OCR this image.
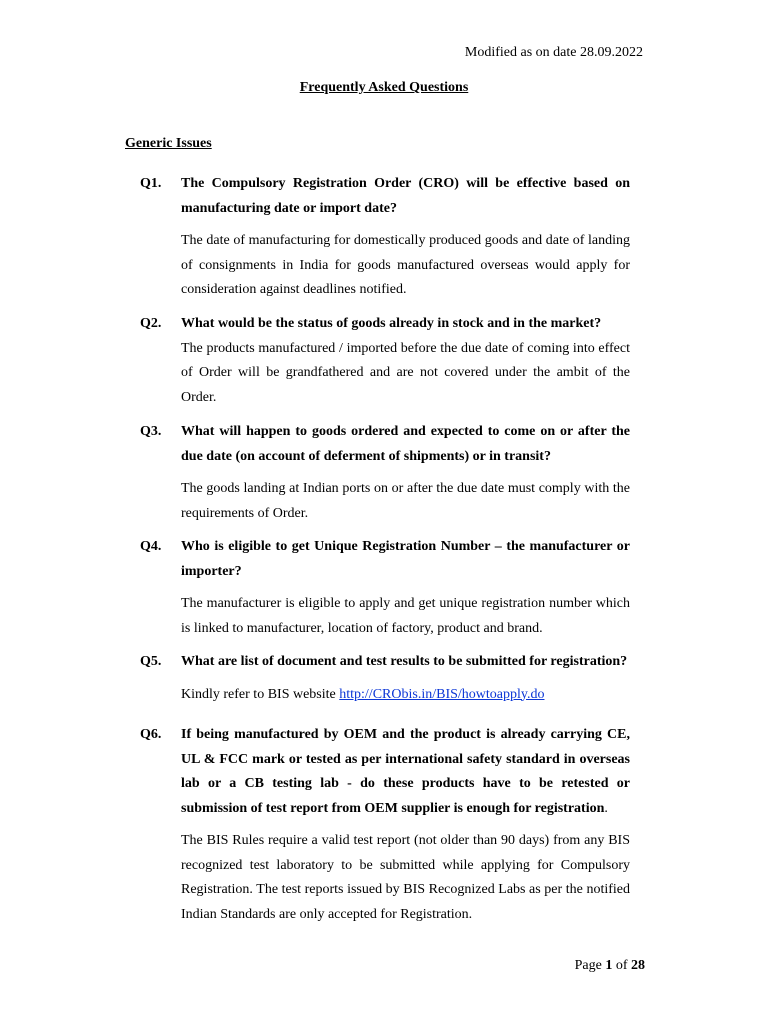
Modified as on date 28.09.2022
Frequently Asked Questions
Generic Issues
Q1. The Compulsory Registration Order (CRO) will be effective based on manufacturing date or import date?
The date of manufacturing for domestically produced goods and date of landing of consignments in India for goods manufactured overseas would apply for consideration against deadlines notified.
Q2. What would be the status of goods already in stock and in the market?
The products manufactured / imported before the due date of coming into effect of Order will be grandfathered and are not covered under the ambit of the Order.
Q3. What will happen to goods ordered and expected to come on or after the due date (on account of deferment of shipments) or in transit?
The goods landing at Indian ports on or after the due date must comply with the requirements of Order.
Q4. Who is eligible to get Unique Registration Number – the manufacturer or importer?
The manufacturer is eligible to apply and get unique registration number which is linked to manufacturer, location of factory, product and brand.
Q5. What are list of document and test results to be submitted for registration?
Kindly refer to BIS website http://CRObis.in/BIS/howtoapply.do
Q6. If being manufactured by OEM and the product is already carrying CE, UL & FCC mark or tested as per international safety standard in overseas lab or a CB testing lab - do these products have to be retested or submission of test report from OEM supplier is enough for registration.
The BIS Rules require a valid test report (not older than 90 days) from any BIS recognized test laboratory to be submitted while applying for Compulsory Registration. The test reports issued by BIS Recognized Labs as per the notified Indian Standards are only accepted for Registration.
Page 1 of 28
